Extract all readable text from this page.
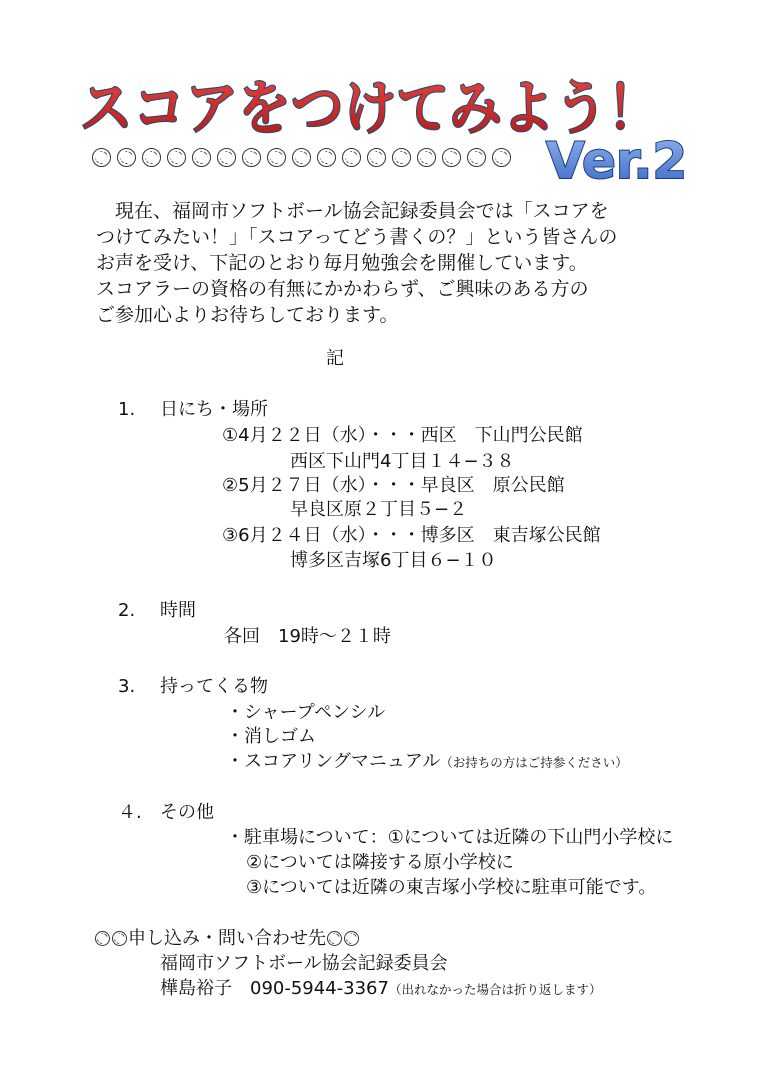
スコアをつけてみよう！
Ver.2

　現在、福岡市ソフトボール協会記録委員会では「スコアを

つけてみたい！」「スコアってどう書くの？」という皆さんの

お声を受け、下記のとおり毎月勉強会を開催しています。

スコアラーの資格の有無にかかわらず、ご興味のある方の

ご参加心よりお待ちしております。

記
1. 日にち・場所
①4月２２日（水）・・・西区　下山門公民館
西区下山門4丁目１４−３８
②5月２７日（水）・・・早良区　原公民館
早良区原２丁目５−２
③6月２４日（水）・・・博多区　東吉塚公民館
博多区吉塚6丁目６−１０
2. 時間
各回　19時〜２１時
3. 持ってくる物
・シャープペンシル
・消しゴム
・スコアリングマニュアル（お持ちの方はご持参ください）
４. その他
・駐車場について：①については近隣の下山門小学校に
②については隣接する原小学校に
③については近隣の東吉塚小学校に駐車可能です。
申し込み・問い合わせ先
福岡市ソフトボール協会記録委員会
樺島裕子　090-5944-3367（出れなかった場合は折り返します）
